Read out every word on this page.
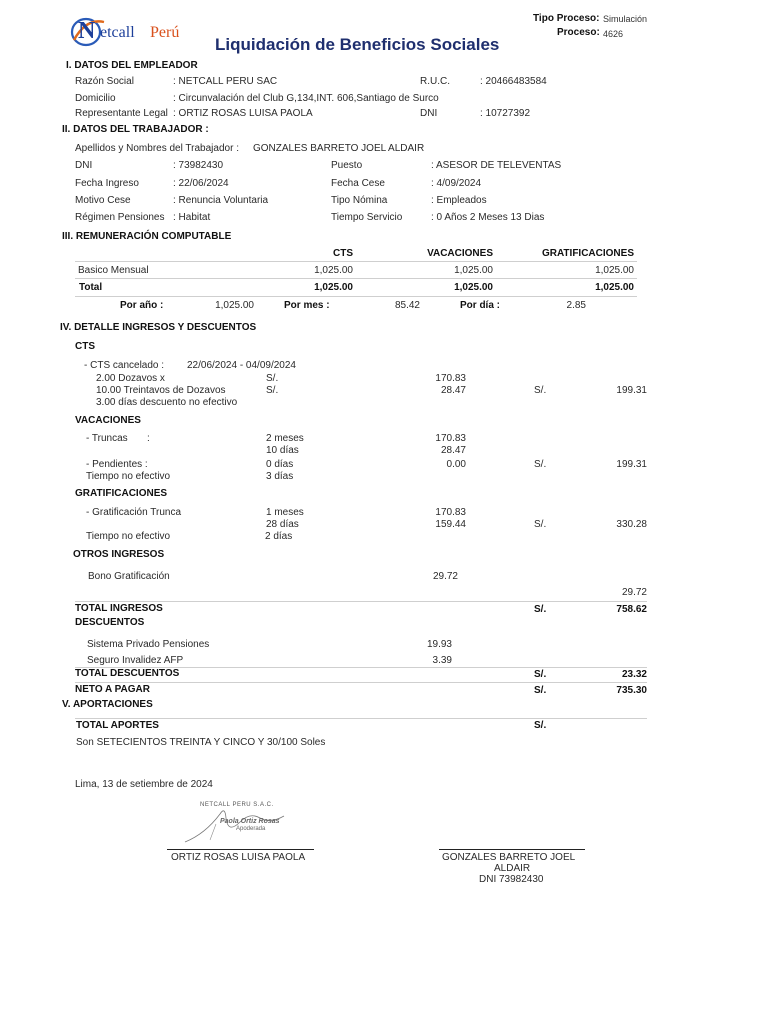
N etcall Perú
Liquidación de Beneficios Sociales
Tipo Proceso: Simulación
Proceso: 4626
I. DATOS DEL EMPLEADOR
Razón Social	: NETCALL PERU SAC	R.U.C.	: 20466483584
Domicilio	: Circunvalación del Club G,134,INT. 606,Santiago de Surco
Representante Legal : ORTIZ ROSAS LUISA PAOLA	DNI	: 10727392
II. DATOS DEL TRABAJADOR :
Apellidos y Nombres del Trabajador : GONZALES BARRETO JOEL ALDAIR
DNI	: 73982430	Puesto	: ASESOR DE TELEVENTAS
Fecha Ingreso	: 22/06/2024	Fecha Cese	: 4/09/2024
Motivo Cese	: Renuncia Voluntaria	Tipo Nómina	: Empleados
Régimen Pensiones : Habitat	Tiempo Servicio	: 0 Años 2 Meses 13 Dias
III. REMUNERACIÓN COMPUTABLE
CTS	VACACIONES	GRATIFICACIONES
Basico Mensual	1,025.00	1,025.00	1,025.00
Total	1,025.00	1,025.00	1,025.00
Por año :	1,025.00	Por mes :	85.42	Por día :	2.85
IV. DETALLE INGRESOS Y DESCUENTOS
CTS
- CTS cancelado : 22/06/2024 - 04/09/2024
2.00 Dozavos x	S/.	170.83
10.00 Treintavos de Dozavos	S/.	28.47	S/.	199.31
3.00 días descuento no efectivo
VACACIONES
- Truncas :	2 meses	170.83
10 días	28.47
- Pendientes :	0 días	0.00	S/.	199.31
Tiempo no efectivo	3 días
GRATIFICACIONES
- Gratificación Trunca	1 meses	170.83
28 días	159.44	S/.	330.28
Tiempo no efectivo	2 días
OTROS INGRESOS
Bono Gratificación	29.72
29.72
TOTAL INGRESOS	S/.	758.62
DESCUENTOS
Sistema Privado Pensiones	19.93
Seguro Invalidez AFP	3.39
TOTAL DESCUENTOS	S/.	23.32
NETO A PAGAR	S/.	735.30
V. APORTACIONES
TOTAL APORTES	S/.
Son SETECIENTOS TREINTA Y CINCO Y 30/100 Soles
Lima, 13 de setiembre de 2024
NETCALL PERU S.A.C.
Paola Ortiz Rosas
Apoderada
ORTIZ ROSAS LUISA PAOLA	GONZALES BARRETO JOEL
ALDAIR
DNI 73982430
